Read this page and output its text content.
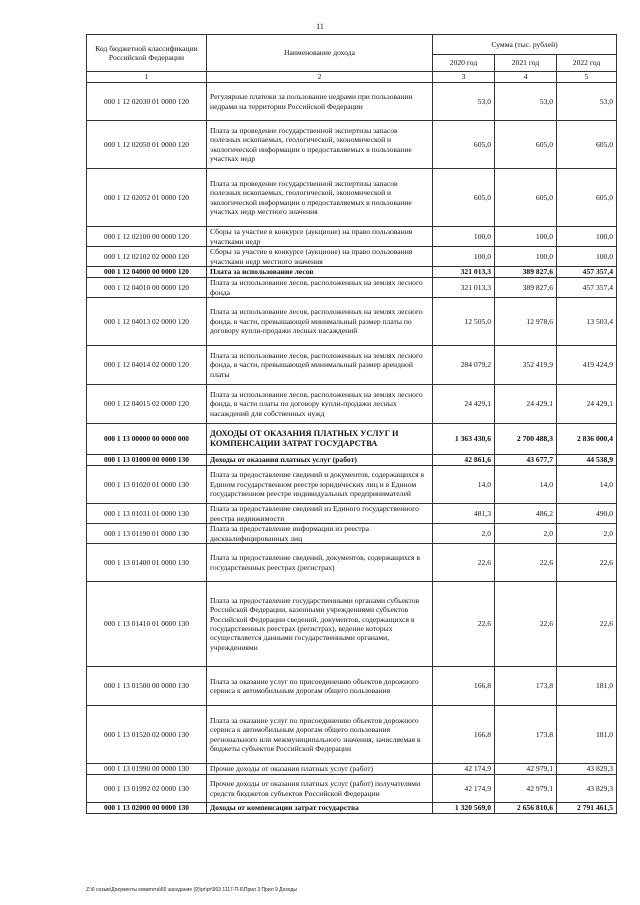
11
Код бюджетной классификации Российской Федерации	Наименование дохода	Сумма (тыс. рублей)		
		2020 год	2021 год	2022 год
1	2	3	4	5
000 1 12 02030 01 0000 120	Регулярные платежи за пользование недрами при пользовании недрами на территории Российской Федерации	53,0	53,0	53,0
000 1 12 02050 01 0000 120	Плата за проведение государственной экспертизы запасов полезных ископаемых, геологической, экономической и экологической информации о предоставляемых в пользование участках недр	605,0	605,0	605,0
000 1 12 02052 01 0000 120	Плата за проведение государственной экспертизы запасов полезных ископаемых, геологической, экономической и экологической информации о предоставляемых в пользование участках недр местного значения	605,0	605,0	605,0
000 1 12 02100 00 0000 120	Сборы за участие в конкурсе (аукционе) на право пользования участками недр	100,0	100,0	100,0
000 1 12 02102 02 0000 120	Сборы за участие в конкурсе (аукционе) на право пользования участками недр местного значения	100,0	100,0	100,0
000 1 12 04000 00 0000 120	Плата за использование лесов	321 013,3	389 827,6	457 357,4
000 1 12 04010 00 0000 120	Плата за использование лесов, расположенных на землях лесного фонда	321 013,3	389 827,6	457 357,4
000 1 12 04013 02 0000 120	Плата за использование лесов, расположенных на землях лесного фонда, в части, превышающей минимальный размер платы по договору купли-продажи лесных насаждений	12 505,0	12 978,6	13 503,4
000 1 12 04014 02 0000 120	Плата за использование лесов, расположенных на землях лесного фонда, в части, превышающей минимальный размер арендной платы	284 079,2	352 419,9	419 424,9
000 1 12 04015 02 0000 120	Плата за использование лесов, расположенных на землях лесного фонда, в части платы по договору купли-продажи лесных насаждений для собственных нужд	24 429,1	24 429,1	24 429,1
000 1 13 00000 00 0000 000	ДОХОДЫ ОТ ОКАЗАНИЯ ПЛАТНЫХ УСЛУГ И КОМПЕНСАЦИИ ЗАТРАТ ГОСУДАРСТВА	1 363 430,6	2 700 488,3	2 836 000,4
000 1 13 01000 00 0000 130	Доходы от оказания платных услуг (работ)	42 861,6	43 677,7	44 538,9
000 1 13 01020 01 0000 130	Плата за предоставление сведений и документов, содержащихся в Едином государственном реестре юридических лиц и в Едином государственном реестре индивидуальных предпринимателей	14,0	14,0	14,0
000 1 13 01031 01 0000 130	Плата за предоставление сведений из Единого государственного реестра недвижимости	481,3	486,2	490,0
000 1 13 01190 01 0000 130	Плата за предоставление информации из реестра дисквалифицированных лиц	2,0	2,0	2,0
000 1 13 01400 01 0000 130	Плата за предоставление сведений, документов, содержащихся в государственных реестрах (регистрах)	22,6	22,6	22,6
000 1 13 01410 01 0000 130	Плата за предоставление государственными органами субъектов Российской Федерации, казенными учреждениями субъектов Российской Федерации сведений, документов, содержащихся в государственных реестрах (регистрах), ведение которых осуществляется данными государственными органами, учреждениями	22,6	22,6	22,6
000 1 13 01500 00 0000 130	Плата за оказание услуг по присоединению объектов дорожного сервиса к автомобильным дорогам общего пользования	166,8	173,8	181,0
000 1 13 01520 02 0000 130	Плата за оказание услуг по присоединению объектов дорожного сервиса к автомобильным дорогам общего пользования регионального или межмуниципального значения, зачисляемая в бюджеты субъектов Российской Федерации	166,8	173,8	181,0
000 1 13 01990 00 0000 130	Прочие доходы от оказания платных услуг (работ)	42 174,9	42 979,1	43 829,3
000 1 13 01992 02 0000 130	Прочие доходы от оказания платных услуг (работ) получателями средств бюджетов субъектов Российской Федерации	42 174,9	42 979,1	43 829,3
000 1 13 02000 00 0000 130	Доходы от компенсации затрат государства	1 320 569,0	2 656 810,6	2 791 461,5
Z:\6 созыв\Документы комитета\60 заседание (9)\pr\pr\903 1117-П-6\Прил 3 Прил 9 Доходы
